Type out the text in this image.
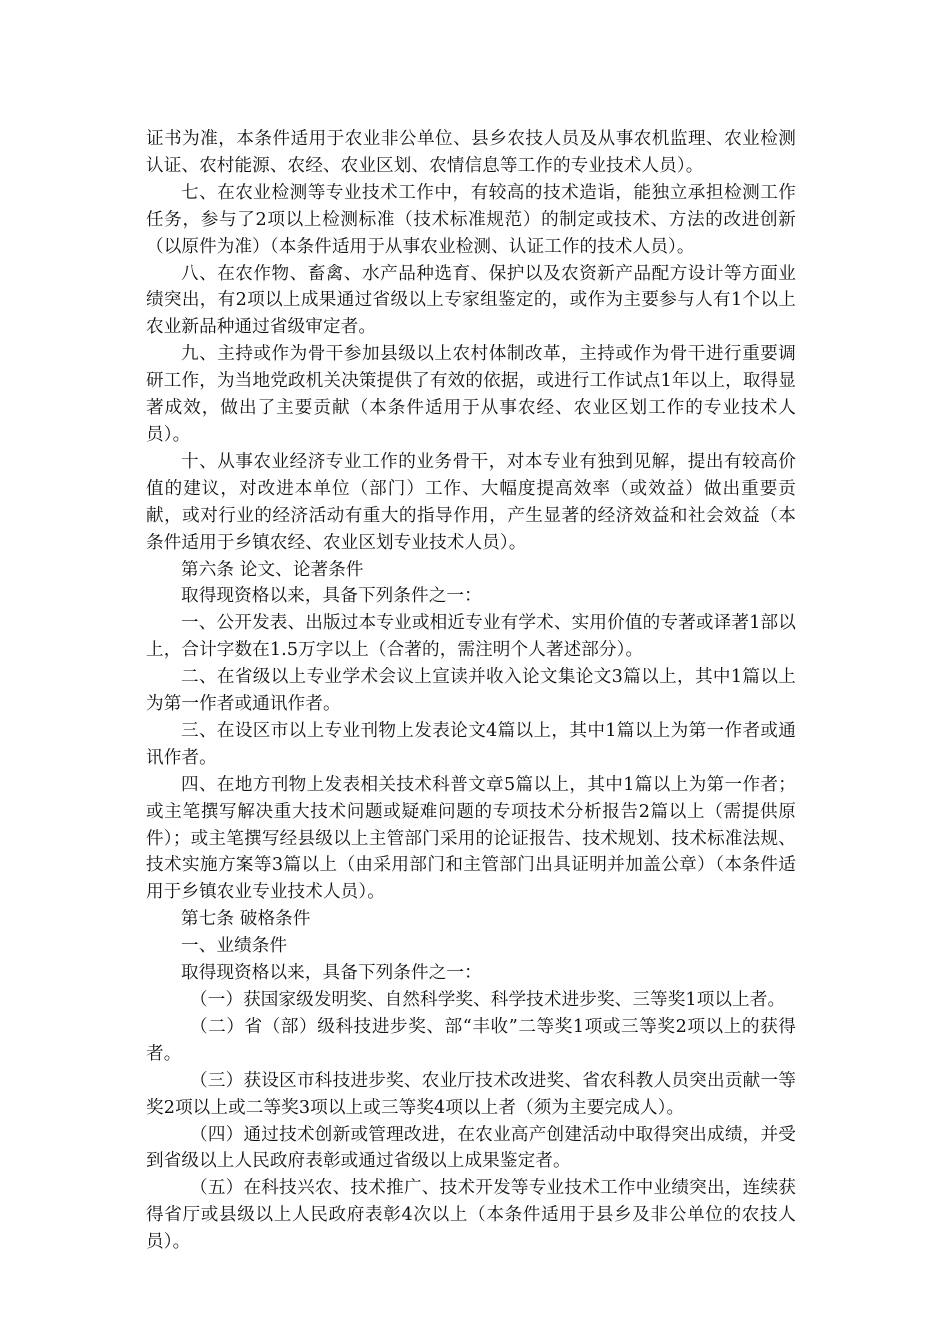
证书为准，本条件适用于农业非公单位、县乡农技人员及从事农机监理、农业检测认证、农村能源、农经、农业区划、农情信息等工作的专业技术人员）。

七、在农业检测等专业技术工作中，有较高的技术造诣，能独立承担检测工作任务，参与了2项以上检测标准（技术标准规范）的制定或技术、方法的改进创新（以原件为准）（本条件适用于从事农业检测、认证工作的技术人员）。

八、在农作物、畜禽、水产品种选育、保护以及农资新产品配方设计等方面业绩突出，有2项以上成果通过省级以上专家组鉴定的，或作为主要参与人有1个以上农业新品种通过省级审定者。

九、主持或作为骨干参加县级以上农村体制改革，主持或作为骨干进行重要调研工作，为当地党政机关决策提供了有效的依据，或进行工作试点1年以上，取得显著成效，做出了主要贡献（本条件适用于从事农经、农业区划工作的专业技术人员）。

十、从事农业经济专业工作的业务骨干，对本专业有独到见解，提出有较高价值的建议，对改进本单位（部门）工作、大幅度提高效率（或效益）做出重要贡献，或对行业的经济活动有重大的指导作用，产生显著的经济效益和社会效益（本条件适用于乡镇农经、农业区划专业技术人员）。

第六条 论文、论著条件

取得现资格以来，具备下列条件之一：

一、公开发表、出版过本专业或相近专业有学术、实用价值的专著或译著1部以上，合计字数在1.5万字以上（合著的，需注明个人著述部分）。

二、在省级以上专业学术会议上宣读并收入论文集论文3篇以上，其中1篇以上为第一作者或通讯作者。

三、在设区市以上专业刊物上发表论文4篇以上，其中1篇以上为第一作者或通讯作者。

四、在地方刊物上发表相关技术科普文章5篇以上，其中1篇以上为第一作者；或主笔撰写解决重大技术问题或疑难问题的专项技术分析报告2篇以上（需提供原件）；或主笔撰写经县级以上主管部门采用的论证报告、技术规划、技术标准法规、技术实施方案等3篇以上（由采用部门和主管部门出具证明并加盖公章）（本条件适用于乡镇农业专业技术人员）。

第七条 破格条件

一、业绩条件

取得现资格以来，具备下列条件之一：

（一）获国家级发明奖、自然科学奖、科学技术进步奖、三等奖1项以上者。

（二）省（部）级科技进步奖、部“丰收”二等奖1项或三等奖2项以上的获得者。

（三）获设区市科技进步奖、农业厅技术改进奖、省农科教人员突出贡献一等奖2项以上或二等奖3项以上或三等奖4项以上者（须为主要完成人）。

（四）通过技术创新或管理改进，在农业高产创建活动中取得突出成绩，并受到省级以上人民政府表彰或通过省级以上成果鉴定者。

（五）在科技兴农、技术推广、技术开发等专业技术工作中业绩突出，连续获得省厅或县级以上人民政府表彰4次以上（本条件适用于县乡及非公单位的农技人员）。
